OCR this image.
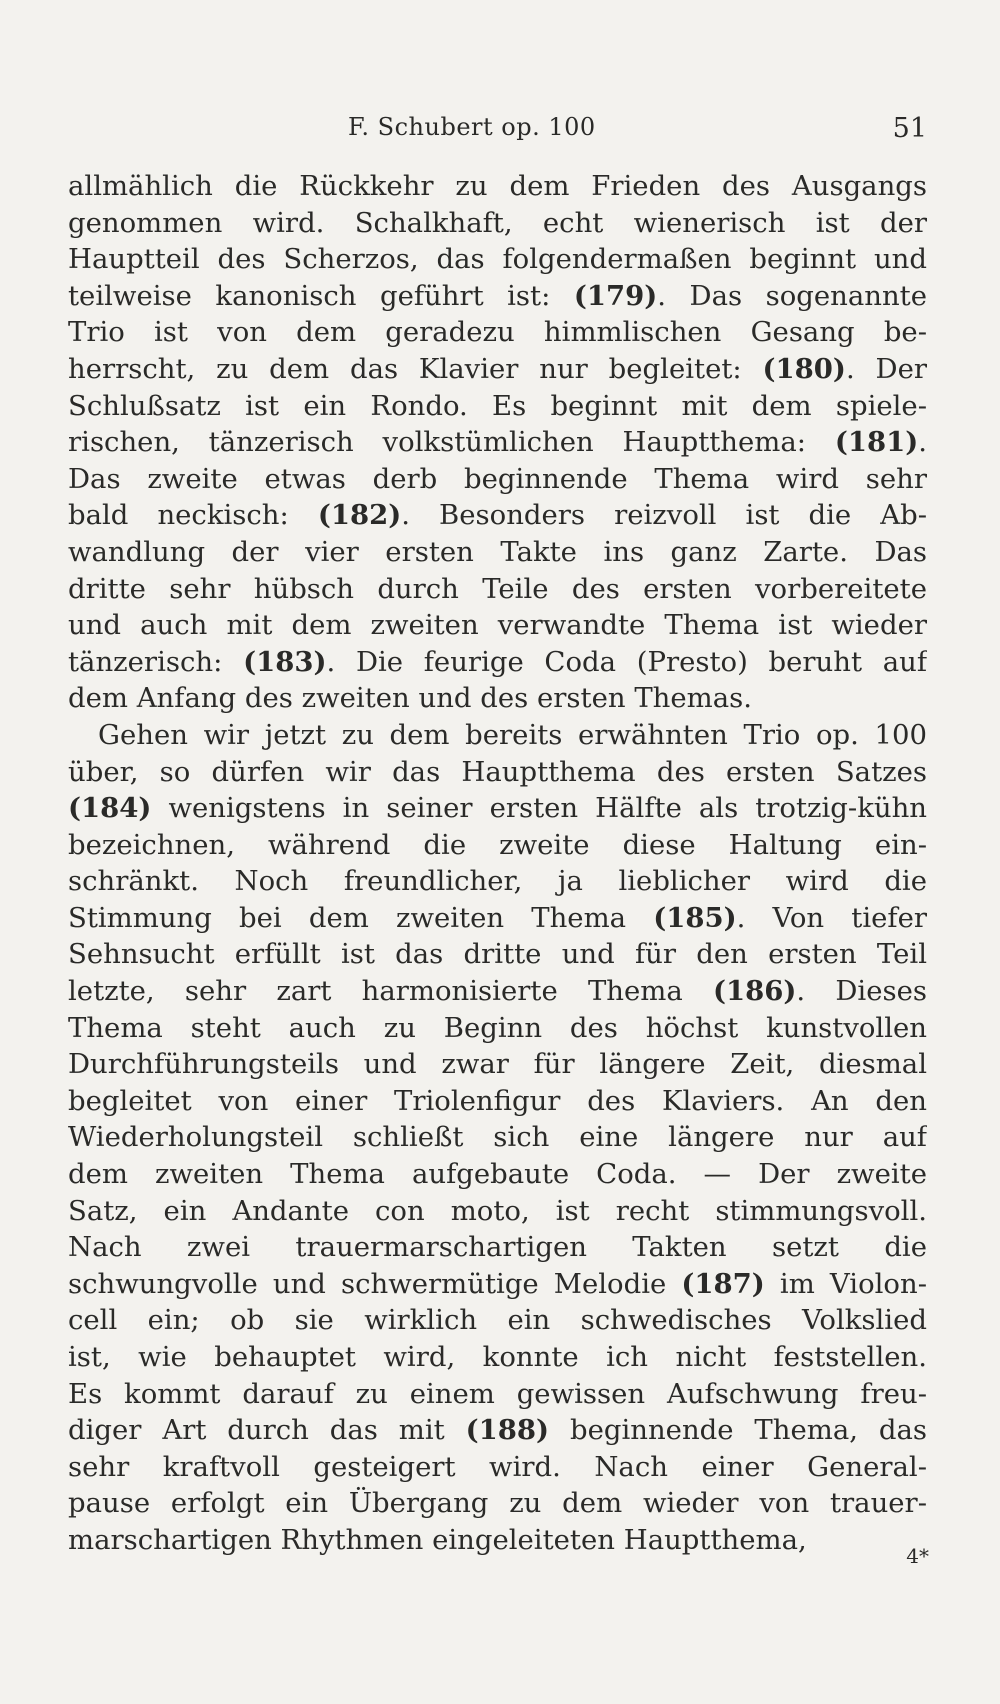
F. Schubert op. 100	51
allmählich die Rückkehr zu dem Frieden des Ausgangs
genommen wird. Schalkhaft, echt wienerisch ist der
Hauptteil des Scherzos, das folgendermaßen beginnt und
teilweise kanonisch geführt ist: (179). Das sogenannte
Trio ist von dem geradezu himmlischen Gesang be-
herrscht, zu dem das Klavier nur begleitet: (180). Der
Schlußsatz ist ein Rondo. Es beginnt mit dem spiele-
rischen, tänzerisch volkstümlichen Hauptthema: (181).
Das zweite etwas derb beginnende Thema wird sehr
bald neckisch: (182). Besonders reizvoll ist die Ab-
wandlung der vier ersten Takte ins ganz Zarte. Das
dritte sehr hübsch durch Teile des ersten vorbereitete
und auch mit dem zweiten verwandte Thema ist wieder
tänzerisch: (183). Die feurige Coda (Presto) beruht auf
dem Anfang des zweiten und des ersten Themas.
Gehen wir jetzt zu dem bereits erwähnten Trio op. 100
über, so dürfen wir das Hauptthema des ersten Satzes
(184) wenigstens in seiner ersten Hälfte als trotzig-kühn
bezeichnen, während die zweite diese Haltung ein-
schränkt. Noch freundlicher, ja lieblicher wird die
Stimmung bei dem zweiten Thema (185). Von tiefer
Sehnsucht erfüllt ist das dritte und für den ersten Teil
letzte, sehr zart harmonisierte Thema (186). Dieses
Thema steht auch zu Beginn des höchst kunstvollen
Durchführungsteils und zwar für längere Zeit, diesmal
begleitet von einer Triolenfigur des Klaviers. An den
Wiederholungsteil schließt sich eine längere nur auf
dem zweiten Thema aufgebaute Coda. — Der zweite
Satz, ein Andante con moto, ist recht stimmungsvoll.
Nach zwei trauermarschartigen Takten setzt die
schwungvolle und schwermütige Melodie (187) im Violon-
cell ein; ob sie wirklich ein schwedisches Volkslied
ist, wie behauptet wird, konnte ich nicht feststellen.
Es kommt darauf zu einem gewissen Aufschwung freu-
diger Art durch das mit (188) beginnende Thema, das
sehr kraftvoll gesteigert wird. Nach einer General-
pause erfolgt ein Übergang zu dem wieder von trauer-
marschartigen Rhythmen eingeleiteten Hauptthema,
4*
